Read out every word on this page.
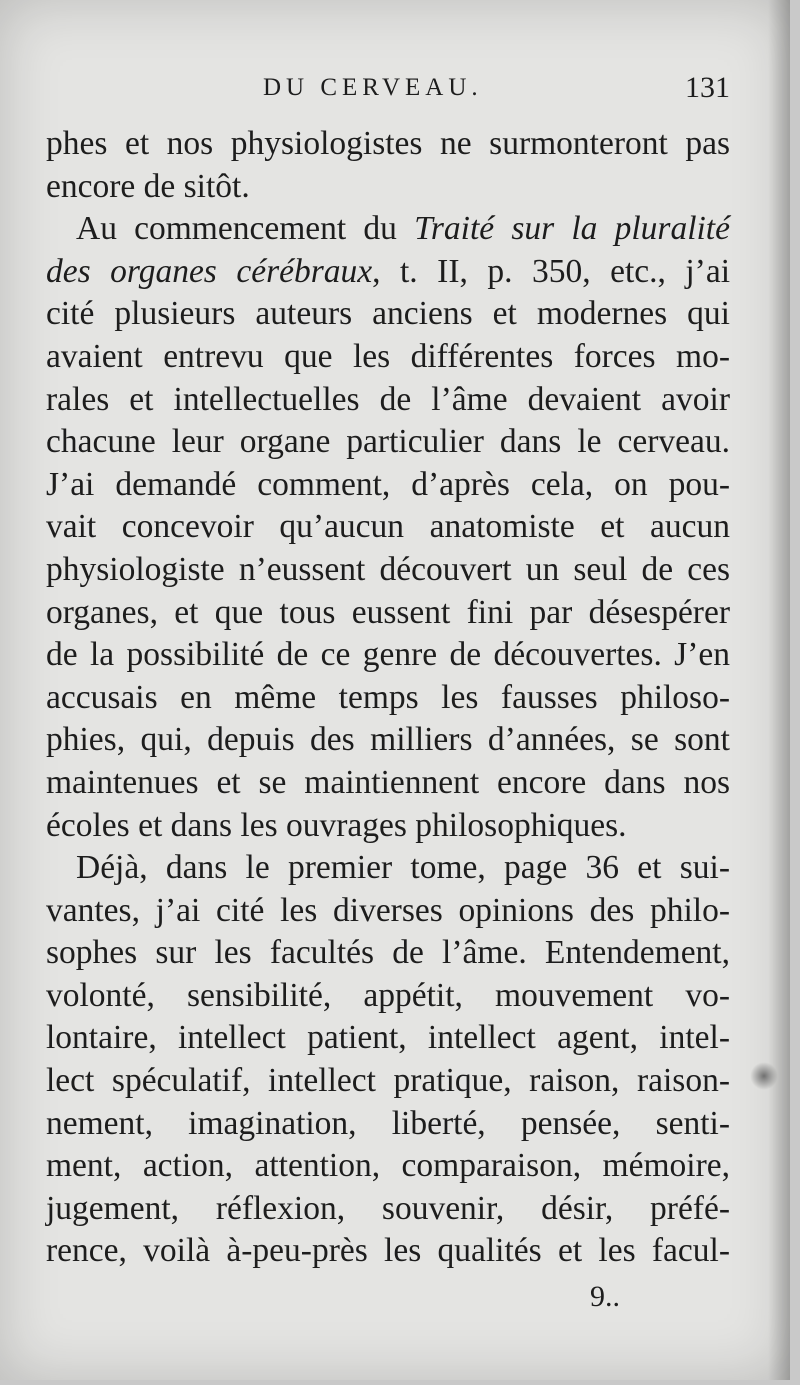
DU CERVEAU.	131
phes et nos physiologistes ne surmonteront pas
encore de sitôt.
Au commencement du Traité sur la pluralité
des organes cérébraux, t. II, p. 350, etc., j’ai
cité plusieurs auteurs anciens et modernes qui
avaient entrevu que les différentes forces mo-
rales et intellectuelles de l’âme devaient avoir
chacune leur organe particulier dans le cerveau.
J’ai demandé comment, d’après cela, on pou-
vait concevoir qu’aucun anatomiste et aucun
physiologiste n’eussent découvert un seul de ces
organes, et que tous eussent fini par désespérer
de la possibilité de ce genre de découvertes. J’en
accusais en même temps les fausses philoso-
phies, qui, depuis des milliers d’années, se sont
maintenues et se maintiennent encore dans nos
écoles et dans les ouvrages philosophiques.
Déjà, dans le premier tome, page 36 et sui-
vantes, j’ai cité les diverses opinions des philo-
sophes sur les facultés de l’âme. Entendement,
volonté, sensibilité, appétit, mouvement vo-
lontaire, intellect patient, intellect agent, intel-
lect spéculatif, intellect pratique, raison, raison-
nement, imagination, liberté, pensée, senti-
ment, action, attention, comparaison, mémoire,
jugement, réflexion, souvenir, désir, préfé-
rence, voilà à-peu-près les qualités et les facul-
9..
